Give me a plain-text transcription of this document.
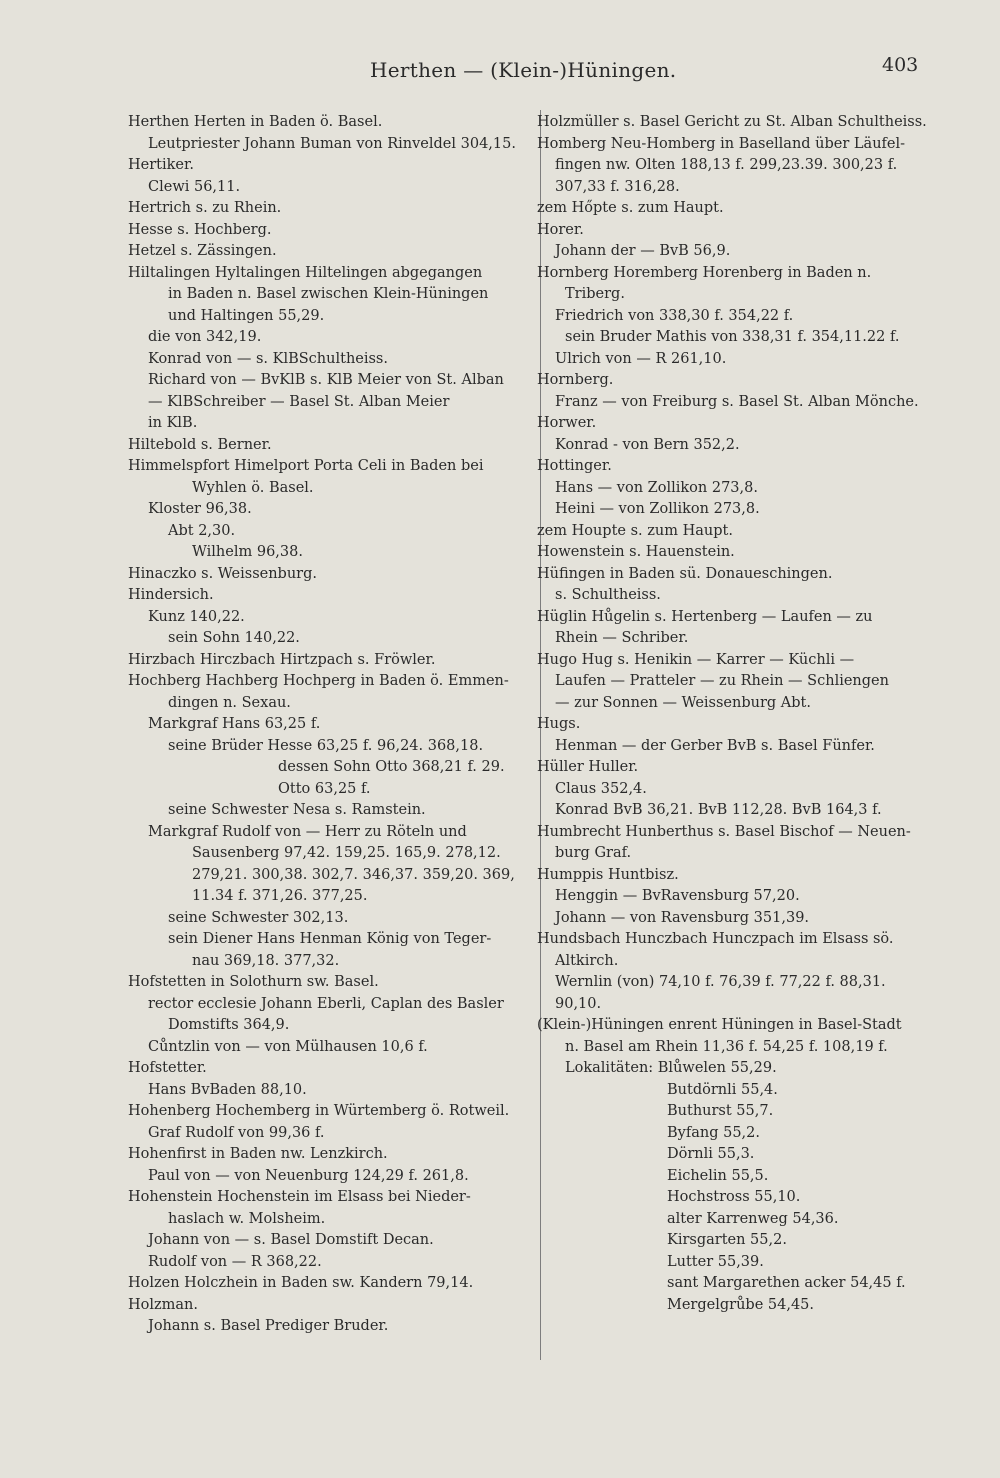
Herthen — (Klein-)Hüningen.	403
Herthen Herten in Baden ö. Basel.
Leutpriester Johann Buman von Rinveldel 304,15.
Hertiker.
Clewi 56,11.
Hertrich s. zu Rhein.
Hesse s. Hochberg.
Hetzel s. Zässingen.
Hiltalingen Hyltalingen Hiltelingen abgegangen
in Baden n. Basel zwischen Klein-Hüningen
und Haltingen 55,29.
die von 342,19.
Konrad von — s. KlBSchultheiss.
Richard von — BvKlB s. KlB Meier von St. Alban
— KlBSchreiber — Basel St. Alban Meier
in KlB.
Hiltebold s. Berner.
Himmelspfort Himelport Porta Celi in Baden bei
Wyhlen ö. Basel.
Kloster 96,38.
Abt 2,30.
Wilhelm 96,38.
Hinaczko s. Weissenburg.
Hindersich.
Kunz 140,22.
sein Sohn 140,22.
Hirzbach Hirczbach Hirtzpach s. Fröwler.
Hochberg Hachberg Hochperg in Baden ö. Emmen-
dingen n. Sexau.
Markgraf Hans 63,25 f.
seine Brüder Hesse 63,25 f. 96,24. 368,18.
dessen Sohn Otto 368,21 f. 29.
Otto 63,25 f.
seine Schwester Nesa s. Ramstein.
Markgraf Rudolf von — Herr zu Röteln und
Sausenberg 97,42. 159,25. 165,9. 278,12.
279,21. 300,38. 302,7. 346,37. 359,20. 369,
11.34 f. 371,26. 377,25.
seine Schwester 302,13.
sein Diener Hans Henman König von Teger-
nau 369,18. 377,32.
Hofstetten in Solothurn sw. Basel.
rector ecclesie Johann Eberli, Caplan des Basler
Domstifts 364,9.
Cůntzlin von — von Mülhausen 10,6 f.
Hofstetter.
Hans BvBaden 88,10.
Hohenberg Hochemberg in Würtemberg ö. Rotweil.
Graf Rudolf von 99,36 f.
Hohenfirst in Baden nw. Lenzkirch.
Paul von — von Neuenburg 124,29 f. 261,8.
Hohenstein Hochenstein im Elsass bei Nieder-
haslach w. Molsheim.
Johann von — s. Basel Domstift Decan.
Rudolf von — R 368,22.
Holzen Holczhein in Baden sw. Kandern 79,14.
Holzman.
Johann s. Basel Prediger Bruder.
Holzmüller s. Basel Gericht zu St. Alban Schultheiss.
Homberg Neu-Homberg in Baselland über Läufel-
fingen nw. Olten 188,13 f. 299,23.39. 300,23 f.
307,33 f. 316,28.
zem Hőpte s. zum Haupt.
Horer.
Johann der — BvB 56,9.
Hornberg Horemberg Horenberg in Baden n.
Triberg.
Friedrich von 338,30 f. 354,22 f.
sein Bruder Mathis von 338,31 f. 354,11.22 f.
Ulrich von — R 261,10.
Hornberg.
Franz — von Freiburg s. Basel St. Alban Mönche.
Horwer.
Konrad - von Bern 352,2.
Hottinger.
Hans — von Zollikon 273,8.
Heini — von Zollikon 273,8.
zem Houpte s. zum Haupt.
Howenstein s. Hauenstein.
Hüfingen in Baden sü. Donaueschingen.
s. Schultheiss.
Hüglin Hůgelin s. Hertenberg — Laufen — zu
Rhein — Schriber.
Hugo Hug s. Henikin — Karrer — Küchli —
Laufen — Pratteler — zu Rhein — Schliengen
— zur Sonnen — Weissenburg Abt.
Hugs.
Henman — der Gerber BvB s. Basel Fünfer.
Hüller Huller.
Claus 352,4.
Konrad BvB 36,21. BvB 112,28. BvB 164,3 f.
Humbrecht Hunberthus s. Basel Bischof — Neuen-
burg Graf.
Humppis Huntbisz.
Henggin — BvRavensburg 57,20.
Johann — von Ravensburg 351,39.
Hundsbach Hunczbach Hunczpach im Elsass sö.
Altkirch.
Wernlin (von) 74,10 f. 76,39 f. 77,22 f. 88,31.
90,10.
(Klein-)Hüningen enrent Hüningen in Basel-Stadt
n. Basel am Rhein 11,36 f. 54,25 f. 108,19 f.
Lokalitäten: Blůwelen 55,29.
Butdörnli 55,4.
Buthurst 55,7.
Byfang 55,2.
Dörnli 55,3.
Eichelin 55,5.
Hochstross 55,10.
alter Karrenweg 54,36.
Kirsgarten 55,2.
Lutter 55,39.
sant Margarethen acker 54,45 f.
Mergelgrůbe 54,45.
